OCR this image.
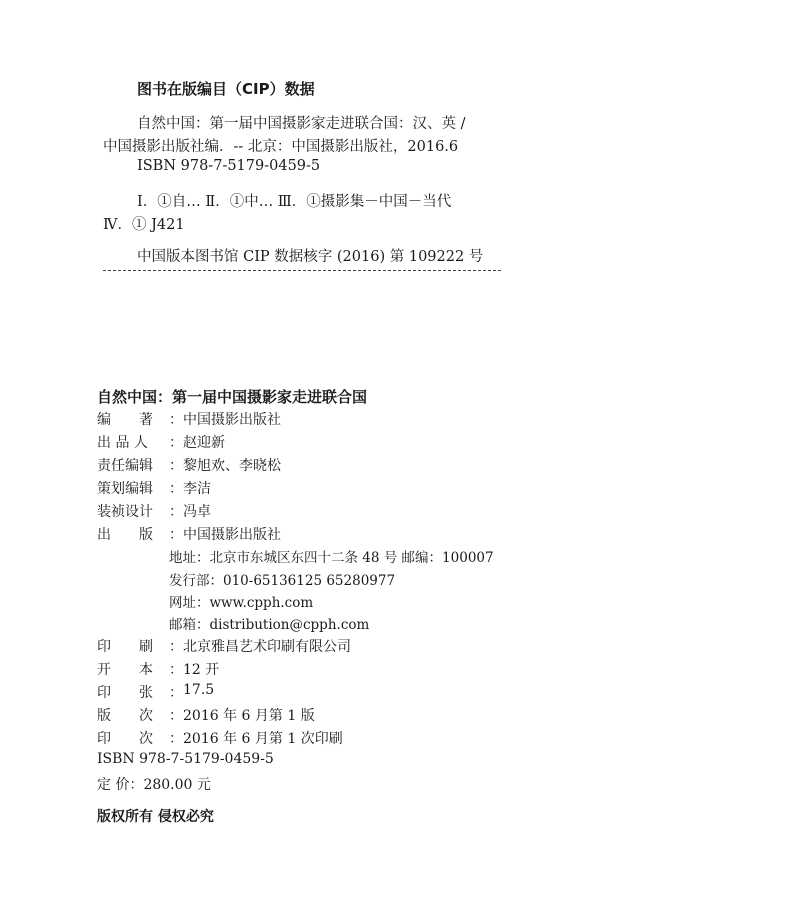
图书在版编目（CIP）数据
自然中国：第一届中国摄影家走进联合国：汉、英 /
中国摄影出版社编．-- 北京：中国摄影出版社，2016.6
ISBN 978-7-5179-0459-5
Ⅰ．①自… Ⅱ．①中… Ⅲ．①摄影集－中国－当代
Ⅳ．① J421
中国版本图书馆 CIP 数据核字 (2016) 第 109222 号
自然中国：第一届中国摄影家走进联合国
编　　著	： 中国摄影出版社
出 品 人	： 赵迎新
责任编辑	： 黎旭欢、李晓松
策划编辑	： 李洁
装祯设计	： 冯卓
出　　版	： 中国摄影出版社
地址：北京市东城区东四十二条 48 号 邮编：100007
发行部：010-65136125 65280977
网址：www.cpph.com
邮箱：distribution@cpph.com
印　　刷	： 北京雅昌艺术印刷有限公司
开　　本	： 12 开
印　　张	： 17.5
版　　次	： 2016 年 6 月第 1 版
印　　次	： 2016 年 6 月第 1 次印刷
ISBN 978-7-5179-0459-5
定 价：280.00 元
版权所有 侵权必究
